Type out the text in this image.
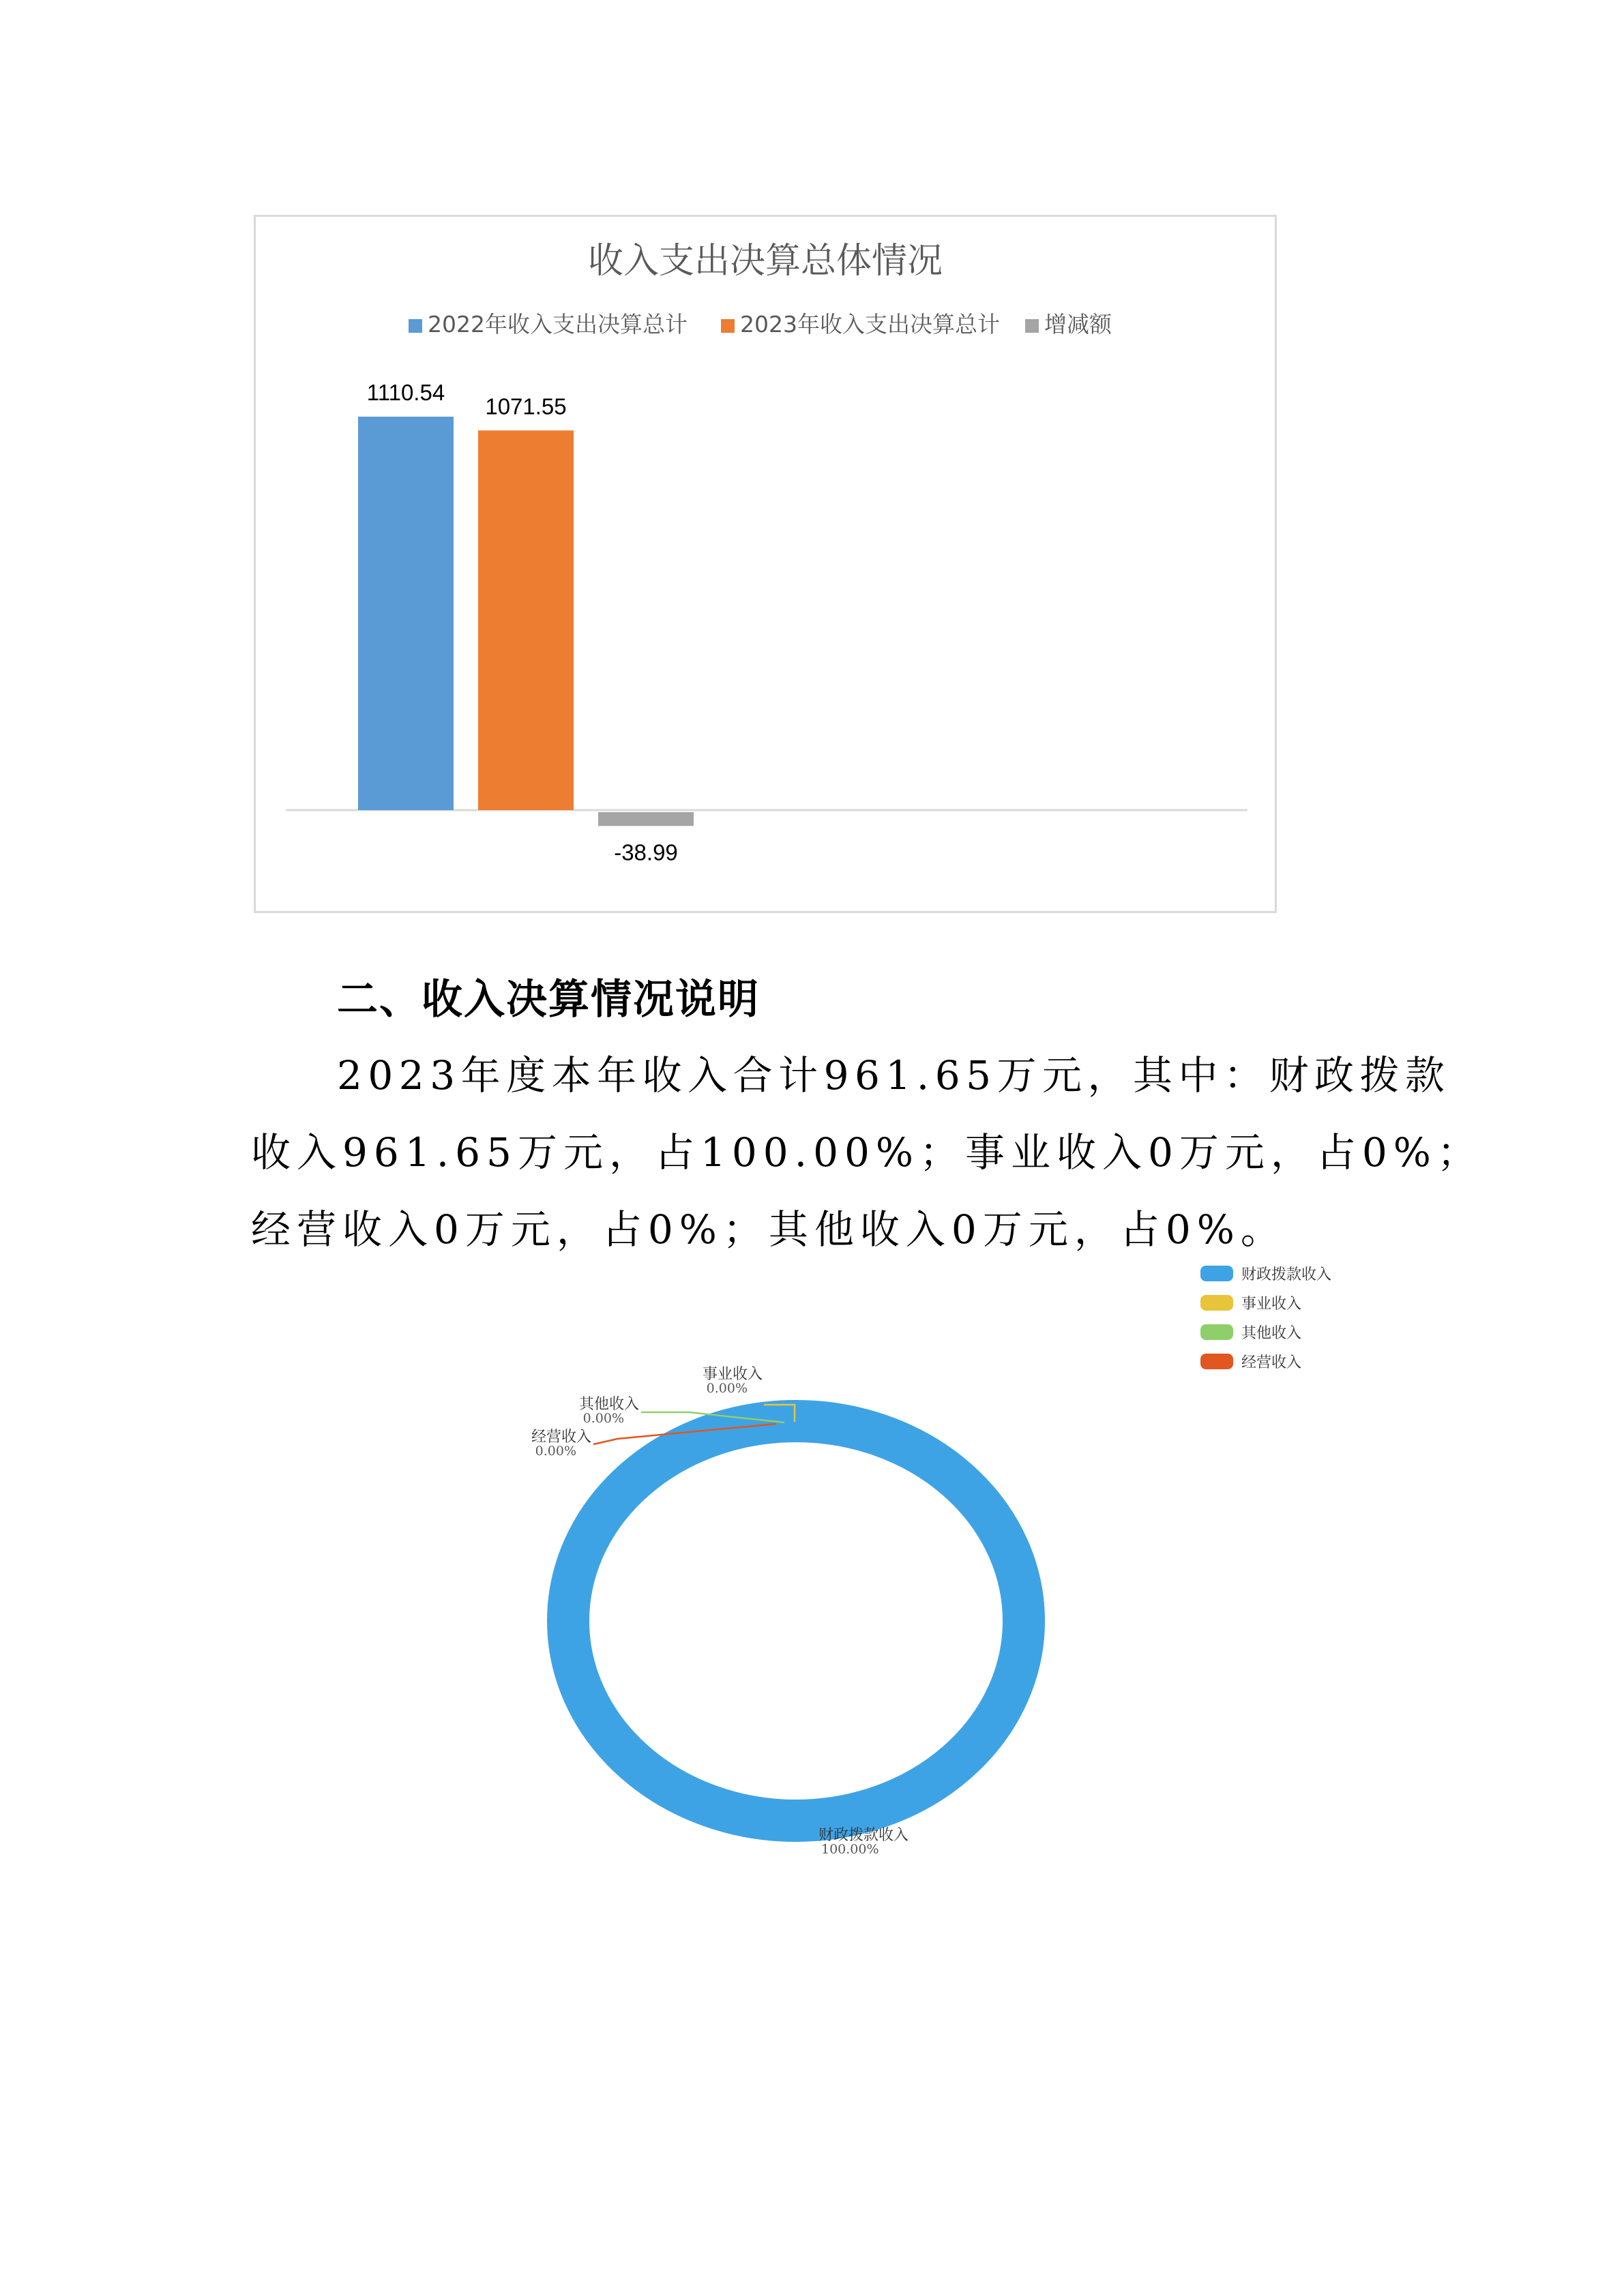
收入支出决算总体情况
2022年收入支出决算总计 2023年收入支出决算总计 增减额
1110.54
1071.55
-38.99
二、收入决算情况说明
2023年度本年收入合计961.65万元，其中：财政拨款
收入961.65万元，占100.00%；事业收入0万元，占0%；
经营收入0万元，占0%；其他收入0万元，占0%。
财政拨款收入
100.00%
事业收入
0.00%
其他收入
0.00%
经营收入
0.00%
财政拨款收入
事业收入
其他收入
经营收入
